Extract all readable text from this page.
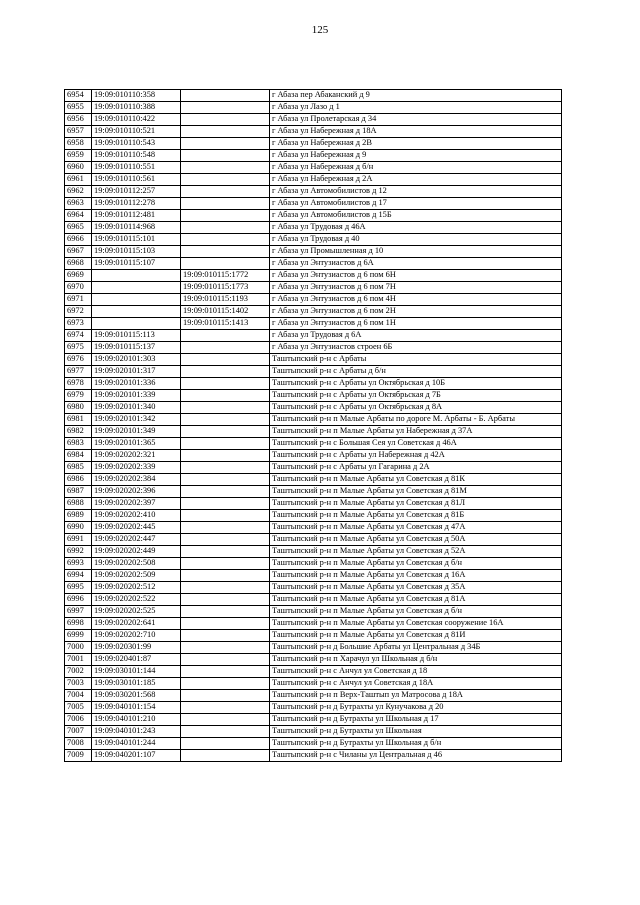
125
6954	19:09:010110:358		г Абаза пер Абаканский д 9
6955	19:09:010110:388		г Абаза ул Лазо д 1
6956	19:09:010110:422		г Абаза ул Пролетарская д 34
6957	19:09:010110:521		г Абаза ул Набережная д 18А
6958	19:09:010110:543		г Абаза ул Набережная д 2В
6959	19:09:010110:548		г Абаза ул Набережная д 9
6960	19:09:010110:551		г Абаза ул Набережная д б/н
6961	19:09:010110:561		г Абаза ул Набережная д 2А
6962	19:09:010112:257		г Абаза ул Автомобилистов д 12
6963	19:09:010112:278		г Абаза ул Автомобилистов д 17
6964	19:09:010112:481		г Абаза ул Автомобилистов д 15Б
6965	19:09:010114:968		г Абаза ул Трудовая д 46А
6966	19:09:010115:101		г Абаза ул Трудовая д 40
6967	19:09:010115:103		г Абаза ул Промышленная д 10
6968	19:09:010115:107		г Абаза ул Энтузиастов д 6А
6969		19:09:010115:1772	г Абаза ул Энтузиастов д 6 пом 6Н
6970		19:09:010115:1773	г Абаза ул Энтузиастов д 6 пом 7Н
6971		19:09:010115:1193	г Абаза ул Энтузиастов д 6 пом 4Н
6972		19:09:010115:1402	г Абаза ул Энтузиастов д 6 пом 2Н
6973		19:09:010115:1413	г Абаза ул Энтузиастов д 6 пом 1Н
6974	19:09:010115:113		г Абаза ул Трудовая д 6А
6975	19:09:010115:137		г Абаза ул Энтузиастов строен 6Б
6976	19:09:020101:303		Таштыпский р-н с Арбаты
6977	19:09:020101:317		Таштыпский р-н с Арбаты д б/н
6978	19:09:020101:336		Таштыпский р-н с Арбаты ул Октябрьская д 10Б
6979	19:09:020101:339		Таштыпский р-н с Арбаты ул Октябрьская д 7Б
6980	19:09:020101:340		Таштыпский р-н с Арбаты ул Октябрьская д 8А
6981	19:09:020101:342		Таштыпский р-н п Малые Арбаты по дороге М. Арбаты - Б. Арбаты
6982	19:09:020101:349		Таштыпский р-н п Малые Арбаты ул Набережная д 37А
6983	19:09:020101:365		Таштыпский р-н с Большая Сея ул Советская д 46А
6984	19:09:020202:321		Таштыпский р-н с Арбаты ул Набережная д 42А
6985	19:09:020202:339		Таштыпский р-н с Арбаты ул Гагарина д 2А
6986	19:09:020202:384		Таштыпский р-н п Малые Арбаты ул Советская д 81К
6987	19:09:020202:396		Таштыпский р-н п Малые Арбаты ул Советская д 81М
6988	19:09:020202:397		Таштыпский р-н п Малые Арбаты ул Советская д 81Л
6989	19:09:020202:410		Таштыпский р-н п Малые Арбаты ул Советская д 81Б
6990	19:09:020202:445		Таштыпский р-н п Малые Арбаты ул Советская д 47А
6991	19:09:020202:447		Таштыпский р-н п Малые Арбаты ул Советская д 50А
6992	19:09:020202:449		Таштыпский р-н п Малые Арбаты ул Советская д 52А
6993	19:09:020202:508		Таштыпский р-н п Малые Арбаты ул Советская д б/н
6994	19:09:020202:509		Таштыпский р-н п Малые Арбаты ул Советская д 16А
6995	19:09:020202:512		Таштыпский р-н п Малые Арбаты ул Советская д 35А
6996	19:09:020202:522		Таштыпский р-н п Малые Арбаты ул Советская д 81А
6997	19:09:020202:525		Таштыпский р-н п Малые Арбаты ул Советская д б/н
6998	19:09:020202:641		Таштыпский р-н п Малые Арбаты ул Советская сооружение 16А
6999	19:09:020202:710		Таштыпский р-н п Малые Арбаты ул Советская д 81И
7000	19:09:020301:99		Таштыпский р-н д Большие Арбаты ул Центральная д 34Б
7001	19:09:020401:87		Таштыпский р-н п Харачул ул Школьная д б/н
7002	19:09:030101:144		Таштыпский р-н с Анчул ул Советская д 18
7003	19:09:030101:185		Таштыпский р-н с Анчул ул Советская д 18А
7004	19:09:030201:568		Таштыпский р-н п Верх-Таштып ул Матросова д 18А
7005	19:09:040101:154		Таштыпский р-н д Бутрахты ул Кунучакова д 20
7006	19:09:040101:210		Таштыпский р-н д Бутрахты ул Школьная д 17
7007	19:09:040101:243		Таштыпский р-н д Бутрахты ул Школьная
7008	19:09:040101:244		Таштыпский р-н д Бутрахты ул Школьная д б/н
7009	19:09:040201:107		Таштыпский р-н с Чиланы ул Центральная д 46
